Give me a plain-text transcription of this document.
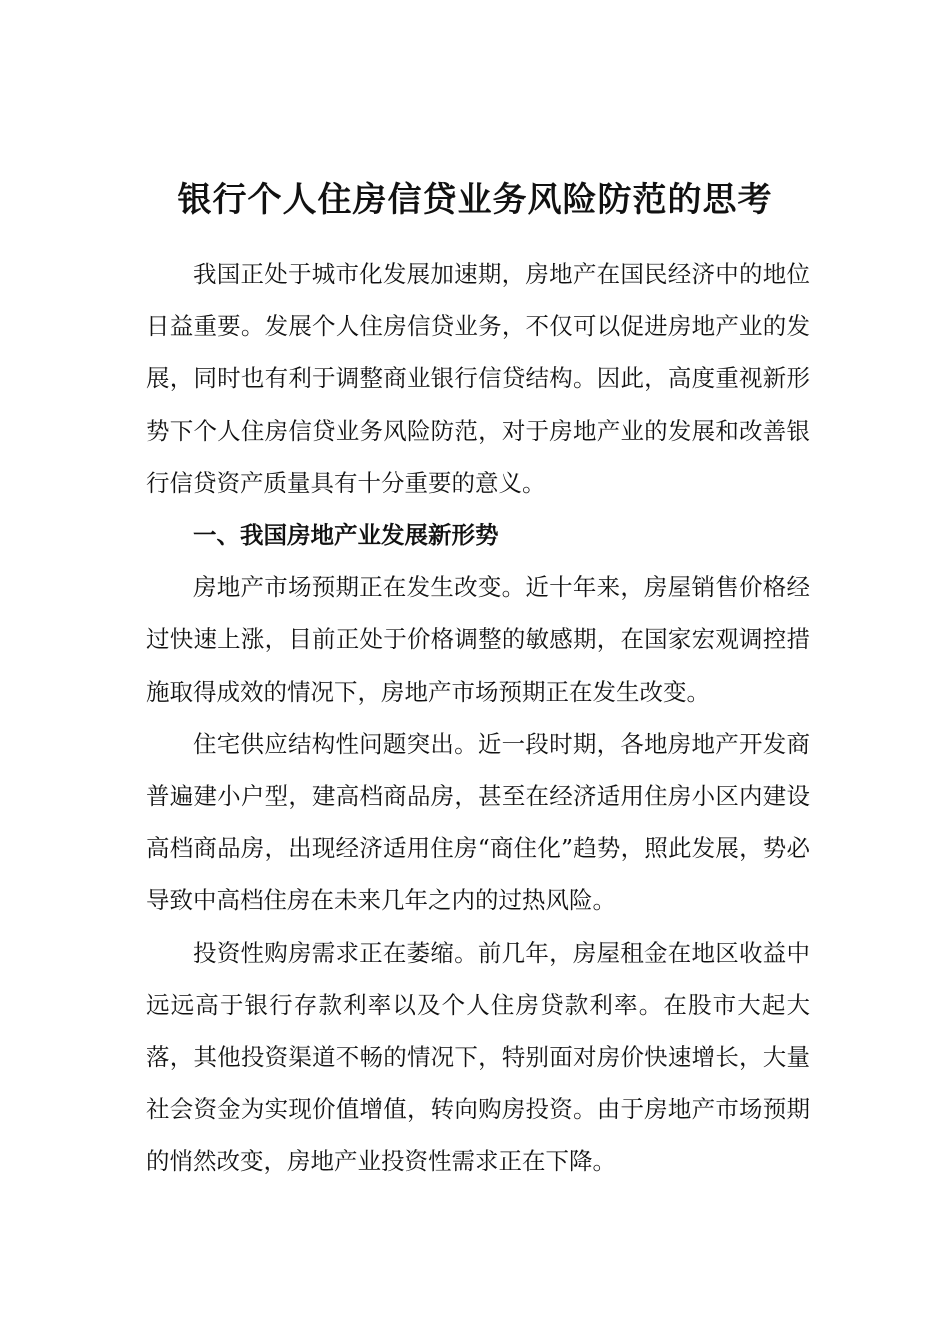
银行个人住房信贷业务风险防范的思考

我国正处于城市化发展加速期，房地产在国民经济中的地位日益重要。发展个人住房信贷业务，不仅可以促进房地产业的发展，同时也有利于调整商业银行信贷结构。因此，高度重视新形势下个人住房信贷业务风险防范，对于房地产业的发展和改善银行信贷资产质量具有十分重要的意义。

一、我国房地产业发展新形势

房地产市场预期正在发生改变。近十年来，房屋销售价格经过快速上涨，目前正处于价格调整的敏感期，在国家宏观调控措施取得成效的情况下，房地产市场预期正在发生改变。

住宅供应结构性问题突出。近一段时期，各地房地产开发商普遍建小户型，建高档商品房，甚至在经济适用住房小区内建设高档商品房，出现经济适用住房“商住化”趋势，照此发展，势必导致中高档住房在未来几年之内的过热风险。

投资性购房需求正在萎缩。前几年，房屋租金在地区收益中远远高于银行存款利率以及个人住房贷款利率。在股市大起大落，其他投资渠道不畅的情况下，特别面对房价快速增长，大量社会资金为实现价值增值，转向购房投资。由于房地产市场预期的悄然改变，房地产业投资性需求正在下降。
